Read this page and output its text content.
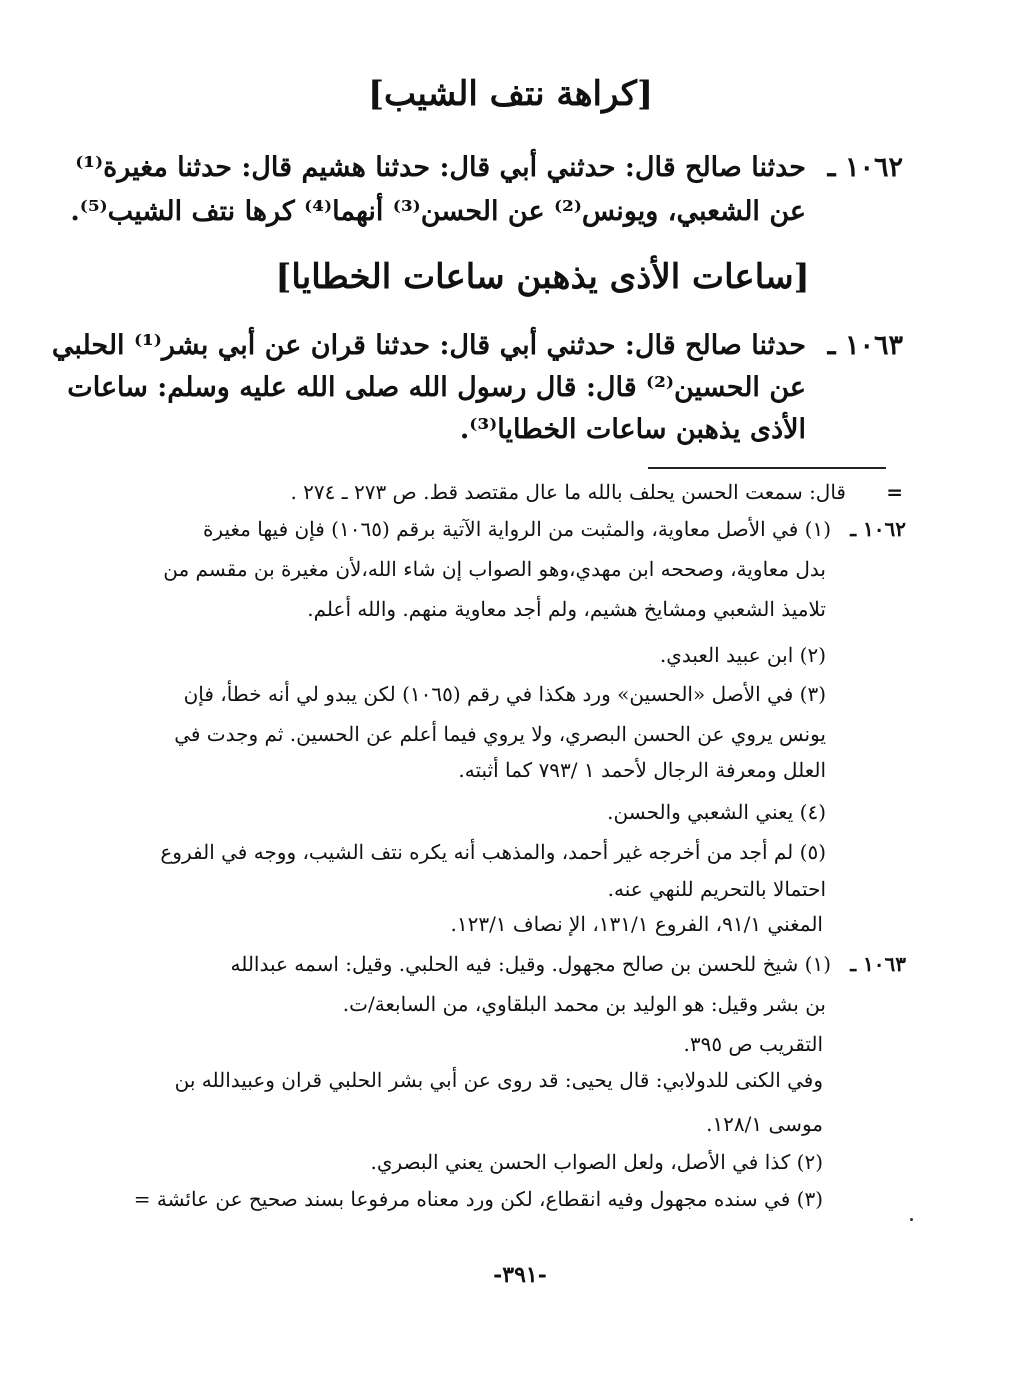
[كراهة نتف الشيب]
١٠٦٢ ـ
حدثنا صالح قال: حدثني أبي قال: حدثنا هشيم قال: حدثنا مغيرة⁽¹⁾
عن الشعبي، ويونس⁽²⁾ عن الحسن⁽³⁾ أنهما⁽⁴⁾ كرها نتف الشيب⁽⁵⁾.
[ساعات الأذى يذهبن ساعات الخطايا]
١٠٦٣ ـ
حدثنا صالح قال: حدثني أبي قال: حدثنا قران عن أبي بشر⁽¹⁾ الحلبي
عن الحسين⁽²⁾ قال: قال رسول الله صلى الله عليه وسلم: ساعات
الأذى يذهبن ساعات الخطايا⁽³⁾.
=
قال: سمعت الحسن يحلف بالله ما عال مقتصد قط. ص ٢٧٣ ـ ٢٧٤ .
١٠٦٢ ـ
(١) في الأصل معاوية، والمثبت من الرواية الآتية برقم (١٠٦٥) فإن فيها مغيرة
بدل معاوية، وصححه ابن مهدي،وهو الصواب إن شاء الله،لأن مغيرة بن مقسم من
تلاميذ الشعبي ومشايخ هشيم، ولم أجد معاوية منهم. والله أعلم.
(٢) ابن عبيد العبدي.
(٣) في الأصل «الحسين» ورد هكذا في رقم (١٠٦٥) لكن يبدو لي أنه خطأ، فإن
يونس يروي عن الحسن البصري، ولا يروي فيما أعلم عن الحسين. ثم وجدت في
العلل ومعرفة الرجال لأحمد ١ /٧٩٣ كما أثبته.
(٤) يعني الشعبي والحسن.
(٥) لم أجد من أخرجه غير أحمد، والمذهب أنه يكره نتف الشيب، ووجه في الفروع
احتمالا بالتحريم للنهي عنه.
المغني ٩١/١، الفروع ١٣١/١، الإ نصاف ١٢٣/١.
١٠٦٣ ـ
(١) شيخ للحسن بن صالح مجهول. وقيل: فيه الحلبي. وقيل: اسمه عبدالله
بن بشر وقيل: هو الوليد بن محمد البلقاوي، من السابعة/ت.
التقريب ص ٣٩٥.
وفي الكنى للدولابي: قال يحيى: قد روى عن أبي بشر الحلبي قران وعبيدالله بن
موسى ١٢٨/١.
(٢) كذا في الأصل، ولعل الصواب الحسن يعني البصري.
(٣) في سنده مجهول وفيه انقطاع، لكن ورد معناه مرفوعا بسند صحيح عن عائشة =
-٣٩١-
